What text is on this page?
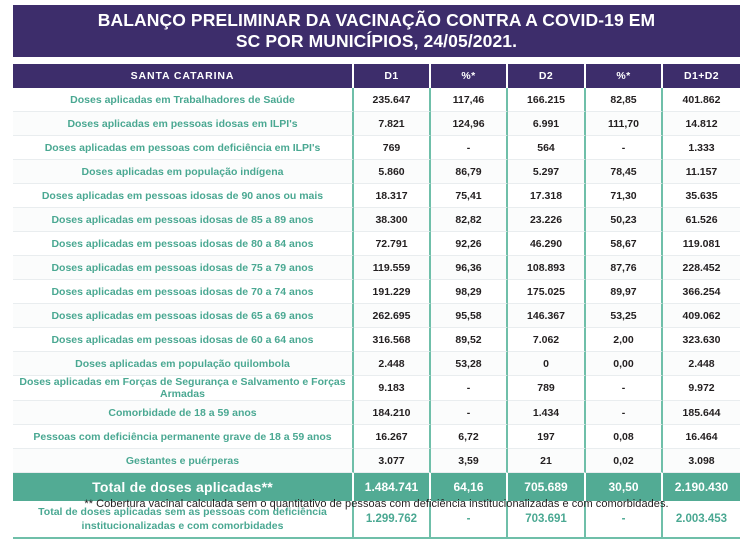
BALANÇO PRELIMINAR DA VACINAÇÃO CONTRA A COVID-19 EM
SC POR MUNICÍPIOS, 24/05/2021.
SANTA CATARINA	D1	%*	D2	%*	D1+D2
Doses aplicadas em Trabalhadores de Saúde	235.647	117,46	166.215	82,85	401.862
Doses aplicadas em pessoas idosas em ILPI's	7.821	124,96	6.991	111,70	14.812
Doses aplicadas em pessoas com deficiência em ILPI's	769	-	564	-	1.333
Doses aplicadas em população indígena	5.860	86,79	5.297	78,45	11.157
Doses aplicadas em pessoas idosas de 90 anos ou mais	18.317	75,41	17.318	71,30	35.635
Doses aplicadas em pessoas idosas de 85 a 89 anos	38.300	82,82	23.226	50,23	61.526
Doses aplicadas em pessoas idosas de 80 a 84 anos	72.791	92,26	46.290	58,67	119.081
Doses aplicadas em pessoas idosas de 75 a 79 anos	119.559	96,36	108.893	87,76	228.452
Doses aplicadas em pessoas idosas de 70 a 74 anos	191.229	98,29	175.025	89,97	366.254
Doses aplicadas em pessoas idosas de 65 a 69 anos	262.695	95,58	146.367	53,25	409.062
Doses aplicadas em pessoas idosas de 60 a 64 anos	316.568	89,52	7.062	2,00	323.630
Doses aplicadas em população quilombola	2.448	53,28	0	0,00	2.448
Doses aplicadas em Forças de Segurança e Salvamento e Forças Armadas	9.183	-	789	-	9.972
Comorbidade de 18 a 59 anos	184.210	-	1.434	-	185.644
Pessoas com deficiência permanente grave de 18 a 59 anos	16.267	6,72	197	0,08	16.464
Gestantes e puérperas	3.077	3,59	21	0,02	3.098
Total de doses aplicadas**	1.484.741	64,16	705.689	30,50	2.190.430

Total de doses aplicadas sem as pessoas com deficiência
institucionalizadas e com comorbidades	1.299.762	-	703.691	-	2.003.453
** Cobertura vacinal calculada sem o quantitativo de pessoas com deficiência institucionalizadas e com comorbidades.
